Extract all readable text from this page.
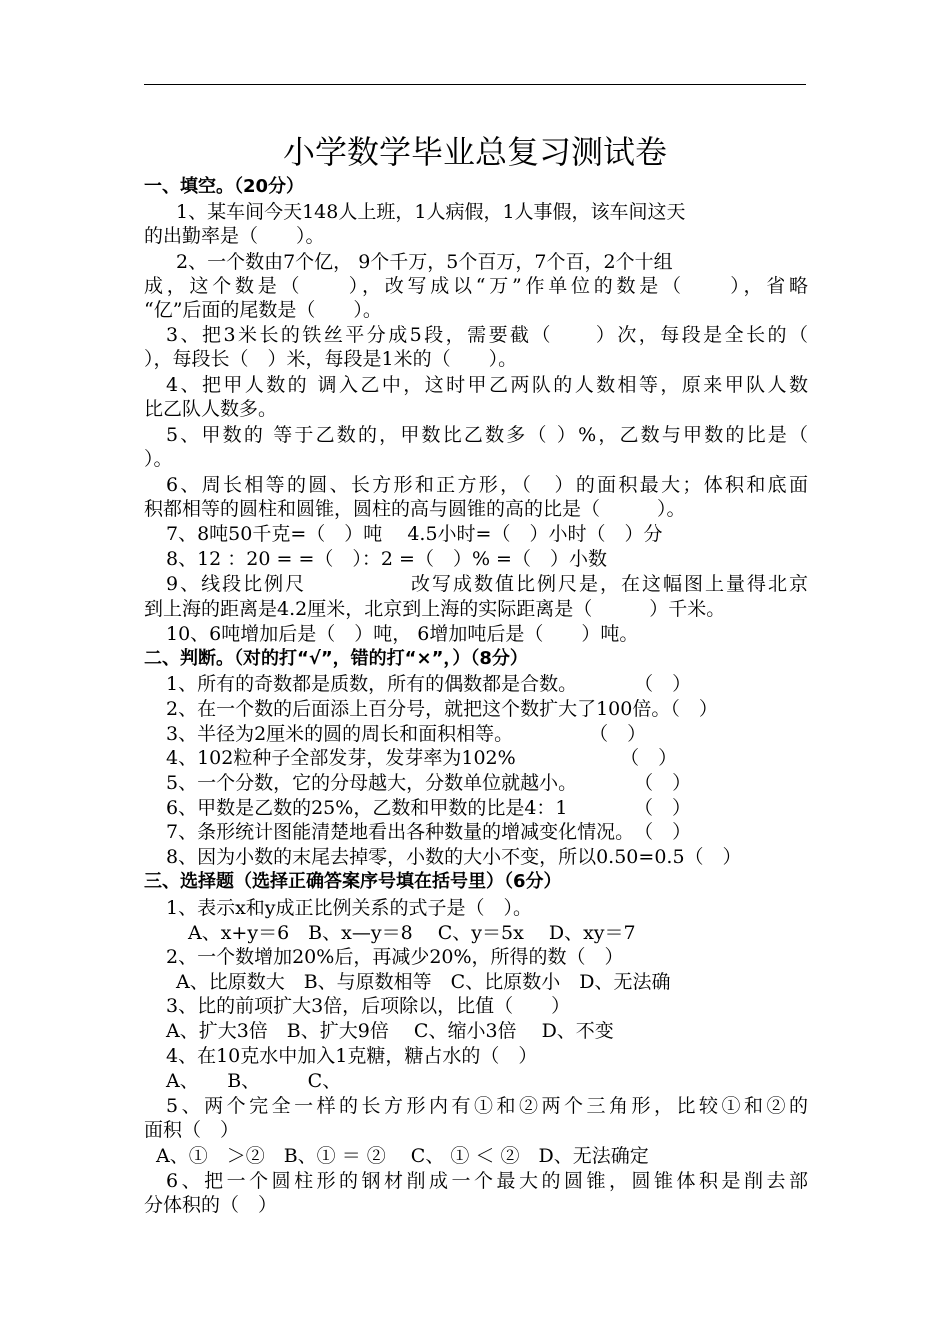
小学数学毕业总复习测试卷
一、填空。（20分）
1、某车间今天148人上班，1人病假，1人事假，该车间这天
的出勤率是（　　）。
2、一个数由7个亿， 9个千万，5个百万，7个百，2个十组
成，这个数是（　　），改写成以“万”作单位的数是（　　），省略
“亿”后面的尾数是（　　）。
3、把3米长的铁丝平分成5段，需要截（　　）次，每段是全长的（
），每段长（　）米，每段是1米的（　　）。
4、把甲人数的 调入乙中，这时甲乙两队的人数相等，原来甲队人数
比乙队人数多。
5、甲数的 等于乙数的，甲数比乙数多（ ）%，乙数与甲数的比是（
）。
6、周长相等的圆、长方形和正方形，（　）的面积最大；体积和底面
积都相等的圆柱和圆锥，圆柱的高与圆锥的高的比是（　　　）。
7、8吨50千克=（　）吨　 4.5小时=（　）小时（　）分
8、12 ：20 = =（　）：2 =（　）% =（　）小数
9、线段比例尺　　　　　改写成数值比例尺是，在这幅图上量得北京
到上海的距离是4.2厘米，北京到上海的实际距离是（　　　）千米。
10、6吨增加后是（　）吨， 6增加吨后是（　　）吨。
二、判断。（对的打“√”，错的打“×”，）（8分）
1、所有的奇数都是质数，所有的偶数都是合数。　　　　（　）
2、在一个数的后面添上百分号，就把这个数扩大了100倍。（　）
3、半径为2厘米的圆的周长和面积相等。　　　　　（　）
4、102粒种子全部发芽，发芽率为102%　　　　　　（　）
5、一个分数，它的分母越大，分数单位就越小。　　　　（　）
6、甲数是乙数的25%，乙数和甲数的比是4：1　　　　（　）
7、条形统计图能清楚地看出各种数量的增减变化情况。　（　）
8、因为小数的末尾去掉零，小数的大小不变，所以0.50=0.5（　）
三、选择题（选择正确答案序号填在括号里）（6分）
1、表示x和y成正比例关系的式子是（　）。
A、x+y＝6　B、x—y＝8　 C、y＝5x　 D、xy＝7
2、一个数增加20%后，再减少20%，所得的数（　）
A、比原数大　B、与原数相等　C、比原数小　D、无法确
3、比的前项扩大3倍，后项除以，比值（　　）
A、扩大3倍　B、扩大9倍　 C、缩小3倍　 D、不变
4、在10克水中加入1克糖，糖占水的（　）
A、　　B、　　　C、
5、两个完全一样的长方形内有①和②两个三角形，比较①和②的
面积（　）
A、①　＞②　B、① ＝ ②　 C、 ① ＜ ②　D、无法确定
6、把一个圆柱形的钢材削成一个最大的圆锥，圆锥体积是削去部
分体积的（　）
